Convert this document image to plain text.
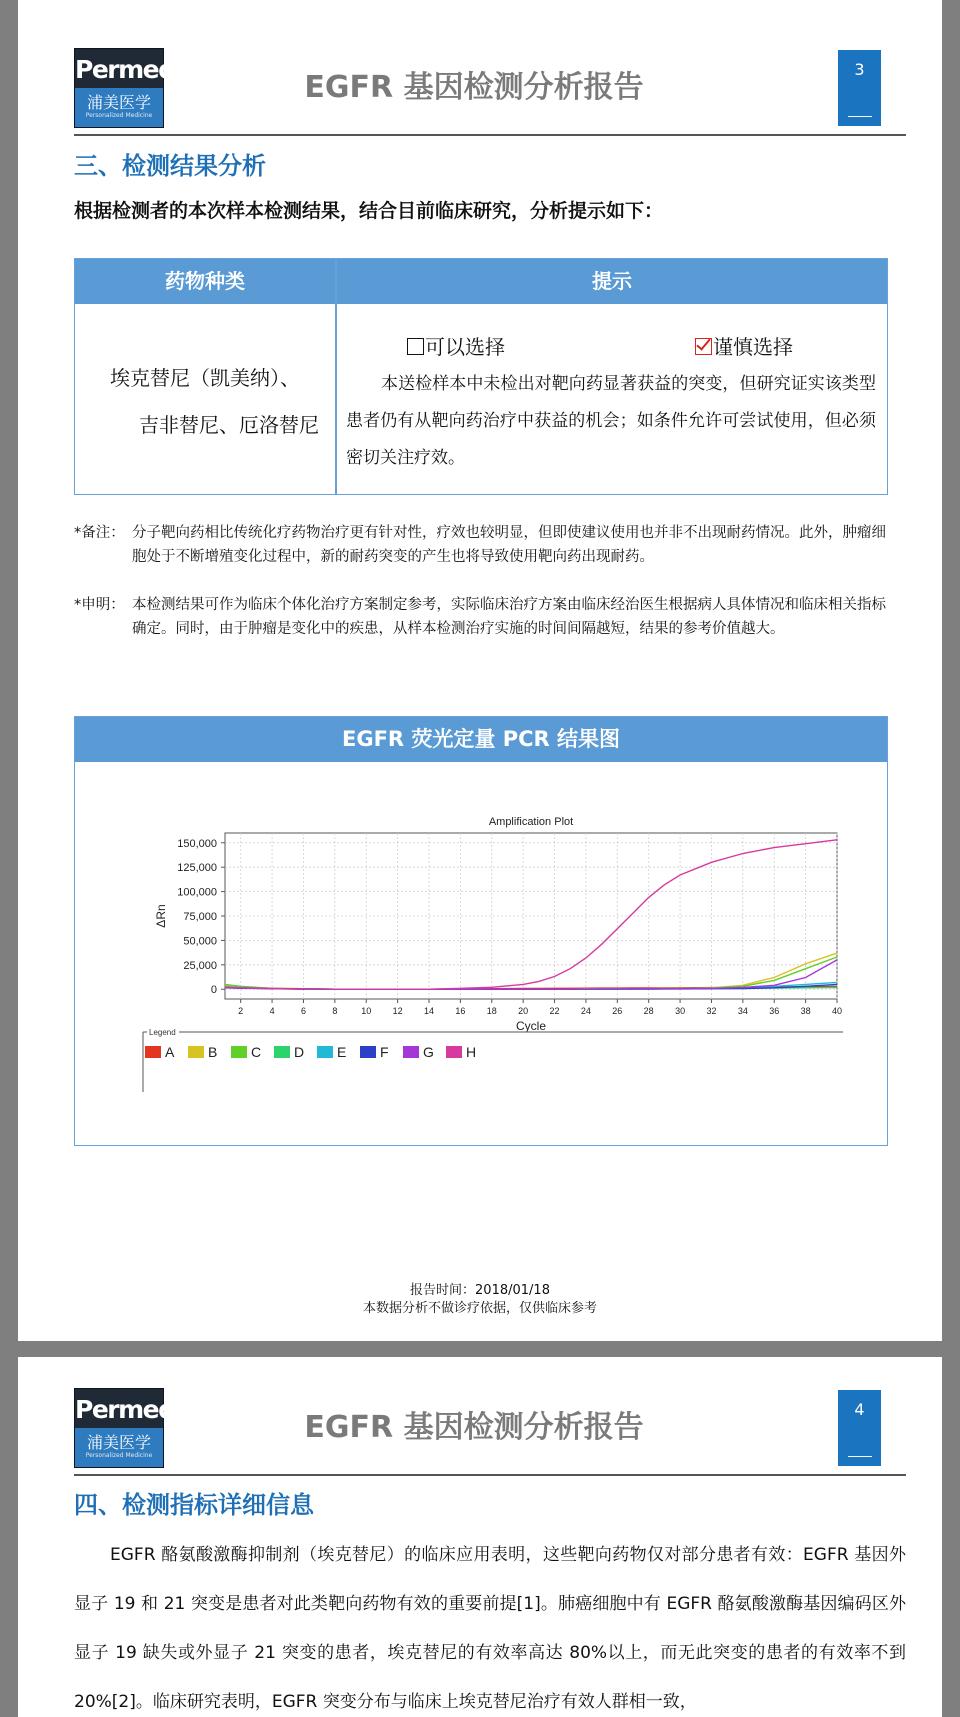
Permed
浦美医学
Personalized Medicine
EGFR 基因检测分析报告
3
三、检测结果分析
根据检测者的本次样本检测结果，结合目前临床研究，分析提示如下：
药物种类	提示
埃克替尼（凯美纳）、
吉非替尼、厄洛替尼
可以选择	谨慎选择
本送检样本中未检出对靶向药显著获益的突变，但研究证实该类型患者仍有从靶向药治疗中获益的机会；如条件允许可尝试使用，但必须密切关注疗效。
*备注： 分子靶向药相比传统化疗药物治疗更有针对性，疗效也较明显，但即使建议使用也并非不出现耐药情况。此外，肿瘤细胞处于不断增殖变化过程中，新的耐药突变的产生也将导致使用靶向药出现耐药。
*申明： 本检测结果可作为临床个体化治疗方案制定参考，实际临床治疗方案由临床经治医生根据病人具体情况和临床相关指标确定。同时，由于肿瘤是变化中的疾患，从样本检测治疗实施的时间间隔越短，结果的参考价值越大。
EGFR 荧光定量 PCR 结果图
2	4	6	8	10 12 14 16 18 20 22 24 26 28 30 32 34 36 38 40
0
25,000
50,000
75,000
100,000
125,000
150,000
Amplification Plot
Cycle
ΔRn
Legend
A B C D E F G H
报告时间：2018/01/18
本数据分析不做诊疗依据，仅供临床参考
Permed
浦美医学
Personalized Medicine
EGFR 基因检测分析报告
4
四、检测指标详细信息
EGFR 酪氨酸激酶抑制剂（埃克替尼）的临床应用表明，这些靶向药物仅对部分患者有效：EGFR 基因外显子 19 和 21 突变是患者对此类靶向药物有效的重要前提[1]。肺癌细胞中有 EGFR 酪氨酸激酶基因编码区外显子 19 缺失或外显子 21 突变的患者，埃克替尼的有效率高达 80%以上，而无此突变的患者的有效率不到 20%[2]。临床研究表明，EGFR 突变分布与临床上埃克替尼治疗有效人群相一致，
